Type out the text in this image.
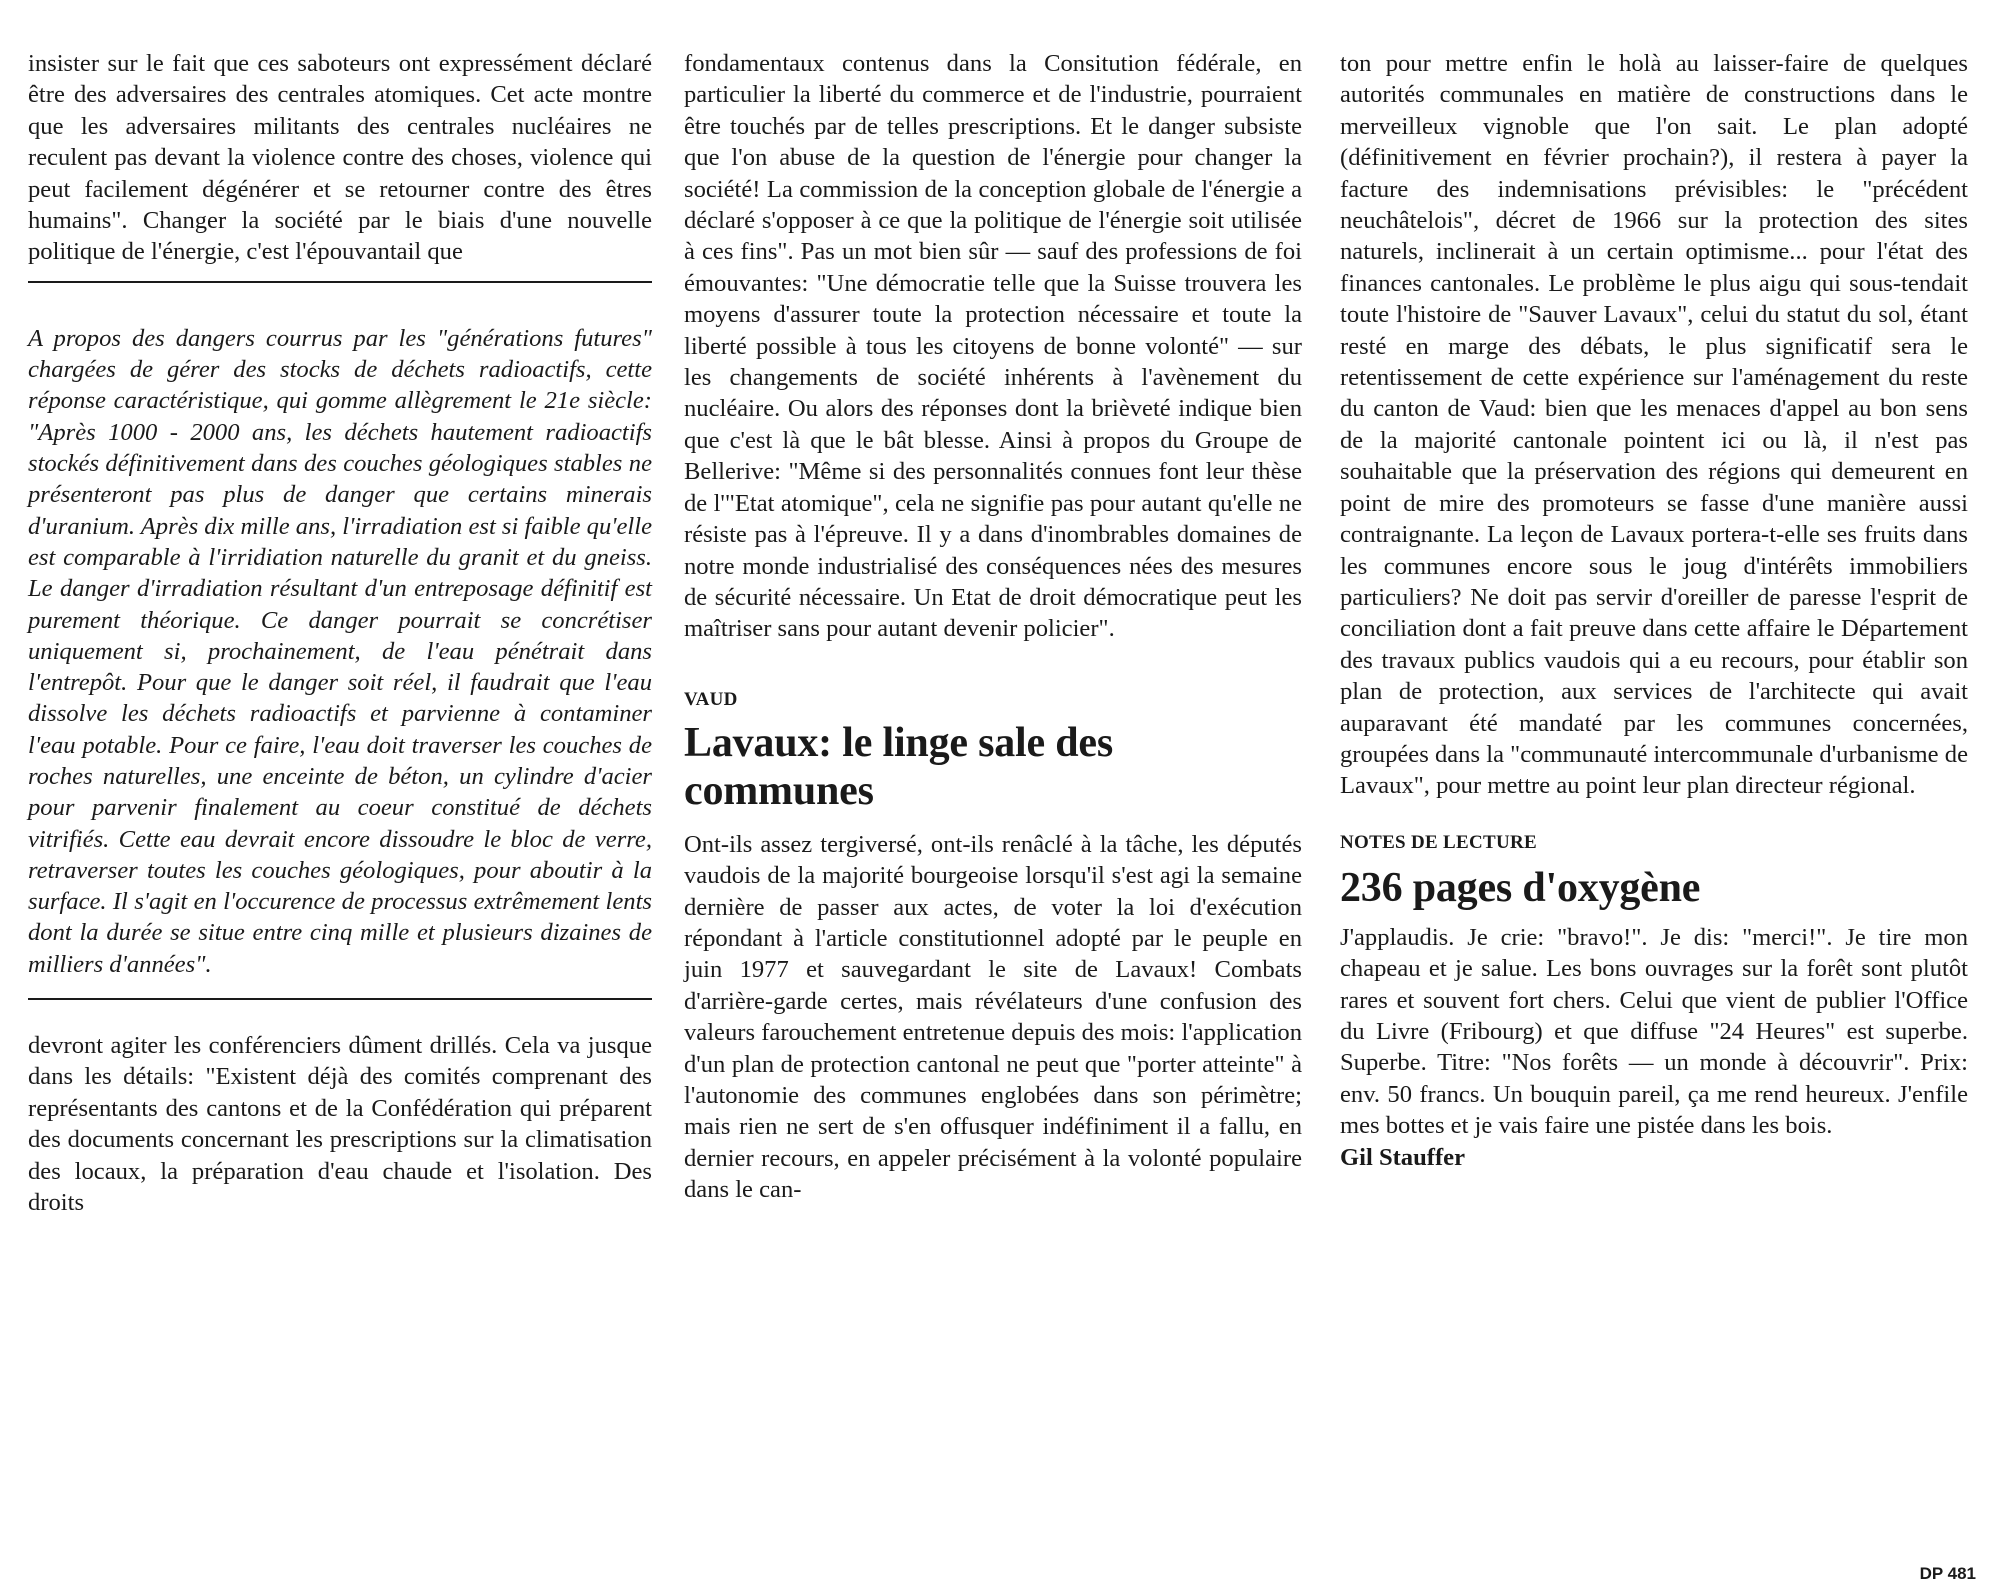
insister sur le fait que ces saboteurs ont expressément déclaré être des adversaires des centrales atomiques. Cet acte montre que les adversaires militants des centrales nucléaires ne reculent pas devant la violence contre des choses, violence qui peut facilement dégénérer et se retourner contre des êtres humains". Changer la société par le biais d'une nouvelle politique de l'énergie, c'est l'épouvantail que

A propos des dangers courrus par les "générations futures" chargées de gérer des stocks de déchets radioactifs, cette réponse caractéristique, qui gomme allègrement le 21e siècle: "Après 1000 - 2000 ans, les déchets hautement radioactifs stockés définitivement dans des couches géologiques stables ne présenteront pas plus de danger que certains minerais d'uranium. Après dix mille ans, l'irradiation est si faible qu'elle est comparable à l'irridiation naturelle du granit et du gneiss. Le danger d'irradiation résultant d'un entreposage définitif est purement théorique. Ce danger pourrait se concrétiser uniquement si, prochainement, de l'eau pénétrait dans l'entrepôt. Pour que le danger soit réel, il faudrait que l'eau dissolve les déchets radioactifs et parvienne à contaminer l'eau potable. Pour ce faire, l'eau doit traverser les couches de roches naturelles, une enceinte de béton, un cylindre d'acier pour parvenir finalement au coeur constitué de déchets vitrifiés. Cette eau devrait encore dissoudre le bloc de verre, retraverser toutes les couches géologiques, pour aboutir à la surface. Il s'agit en l'occurence de processus extrêmement lents dont la durée se situe entre cinq mille et plusieurs dizaines de milliers d'années".

devront agiter les conférenciers dûment drillés. Cela va jusque dans les détails: "Existent déjà des comités comprenant des représentants des cantons et de la Confédération qui préparent des documents concernant les prescriptions sur la climatisation des locaux, la préparation d'eau chaude et l'isolation. Des droits

fondamentaux contenus dans la Consitution fédérale, en particulier la liberté du commerce et de l'industrie, pourraient être touchés par de telles prescriptions. Et le danger subsiste que l'on abuse de la question de l'énergie pour changer la société! La commission de la conception globale de l'énergie a déclaré s'opposer à ce que la politique de l'énergie soit utilisée à ces fins". Pas un mot bien sûr — sauf des professions de foi émouvantes: "Une démocratie telle que la Suisse trouvera les moyens d'assurer toute la protection nécessaire et toute la liberté possible à tous les citoyens de bonne volonté" — sur les changements de société inhérents à l'avènement du nucléaire. Ou alors des réponses dont la brièveté indique bien que c'est là que le bât blesse. Ainsi à propos du Groupe de Bellerive: "Même si des personnalités connues font leur thèse de l'"Etat atomique", cela ne signifie pas pour autant qu'elle ne résiste pas à l'épreuve. Il y a dans d'inombrables domaines de notre monde industrialisé des conséquences nées des mesures de sécurité nécessaire. Un Etat de droit démocratique peut les maîtriser sans pour autant devenir policier".

VAUD
Lavaux: le linge sale des communes

Ont-ils assez tergiversé, ont-ils renâclé à la tâche, les députés vaudois de la majorité bourgeoise lorsqu'il s'est agi la semaine dernière de passer aux actes, de voter la loi d'exécution répondant à l'article constitutionnel adopté par le peuple en juin 1977 et sauvegardant le site de Lavaux! Combats d'arrière-garde certes, mais révélateurs d'une confusion des valeurs farouchement entretenue depuis des mois: l'application d'un plan de protection cantonal ne peut que "porter atteinte" à l'autonomie des communes englobées dans son périmètre; mais rien ne sert de s'en offusquer indéfiniment il a fallu, en dernier recours, en appeler précisément à la volonté populaire dans le can-

ton pour mettre enfin le holà au laisser-faire de quelques autorités communales en matière de constructions dans le merveilleux vignoble que l'on sait. Le plan adopté (définitivement en février prochain?), il restera à payer la facture des indemnisations prévisibles: le "précédent neuchâtelois", décret de 1966 sur la protection des sites naturels, inclinerait à un certain optimisme... pour l'état des finances cantonales. Le problème le plus aigu qui sous-tendait toute l'histoire de "Sauver Lavaux", celui du statut du sol, étant resté en marge des débats, le plus significatif sera le retentissement de cette expérience sur l'aménagement du reste du canton de Vaud: bien que les menaces d'appel au bon sens de la majorité cantonale pointent ici ou là, il n'est pas souhaitable que la préservation des régions qui demeurent en point de mire des promoteurs se fasse d'une manière aussi contraignante. La leçon de Lavaux portera-t-elle ses fruits dans les communes encore sous le joug d'intérêts immobiliers particuliers? Ne doit pas servir d'oreiller de paresse l'esprit de conciliation dont a fait preuve dans cette affaire le Département des travaux publics vaudois qui a eu recours, pour établir son plan de protection, aux services de l'architecte qui avait auparavant été mandaté par les communes concernées, groupées dans la "communauté intercommunale d'urbanisme de Lavaux", pour mettre au point leur plan directeur régional.

NOTES DE LECTURE
236 pages d'oxygène

J'applaudis. Je crie: "bravo!". Je dis: "merci!". Je tire mon chapeau et je salue. Les bons ouvrages sur la forêt sont plutôt rares et souvent fort chers. Celui que vient de publier l'Office du Livre (Fribourg) et que diffuse "24 Heures" est superbe. Superbe. Titre: "Nos forêts — un monde à découvrir". Prix: env. 50 francs. Un bouquin pareil, ça me rend heureux. J'enfile mes bottes et je vais faire une pistée dans les bois.

Gil Stauffer

DP 481
